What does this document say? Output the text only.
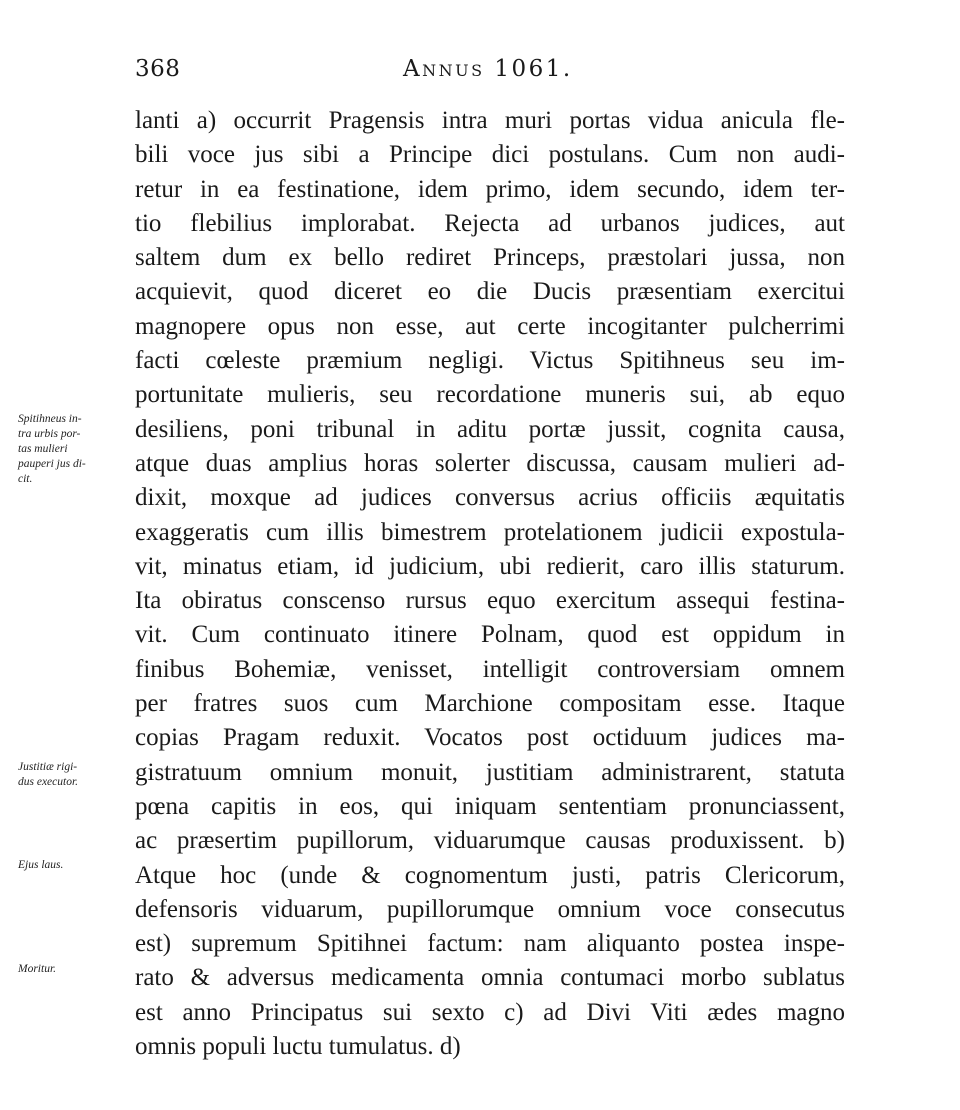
368	Annus 1061.
Spitihneus in-
tra urbis por-
tas mulieri
pauperi jus di-
cit.
Justitiæ rigi-
dus executor.
Ejus laus.
Moritur.
lanti a) occurrit Pragensis intra muri portas vidua anicula fle-
bili voce jus sibi a Principe dici postulans. Cum non audi-
retur in ea festinatione, idem primo, idem secundo, idem ter-
tio flebilius implorabat. Rejecta ad urbanos judices, aut
saltem dum ex bello rediret Princeps, præstolari jussa, non
acquievit, quod diceret eo die Ducis præsentiam exercitui
magnopere opus non esse, aut certe incogitanter pulcherrimi
facti cœleste præmium negligi. Victus Spitihneus seu im-
portunitate mulieris, seu recordatione muneris sui, ab equo
desiliens, poni tribunal in aditu portæ jussit, cognita causa,
atque duas amplius horas solerter discussa, causam mulieri ad-
dixit, moxque ad judices conversus acrius officiis æquitatis
exaggeratis cum illis bimestrem protelationem judicii expostula-
vit, minatus etiam, id judicium, ubi redierit, caro illis staturum.
Ita obiratus conscenso rursus equo exercitum assequi festina-
vit. Cum continuato itinere Polnam, quod est oppidum in
finibus Bohemiæ, venisset, intelligit controversiam omnem
per fratres suos cum Marchione compositam esse. Itaque
copias Pragam reduxit. Vocatos post octiduum judices ma-
gistratuum omnium monuit, justitiam administrarent, statuta
pœna capitis in eos, qui iniquam sententiam pronunciassent,
ac præsertim pupillorum, viduarumque causas produxissent. b)
Atque hoc (unde & cognomentum justi, patris Clericorum,
defensoris viduarum, pupillorumque omnium voce consecutus
est) supremum Spitihnei factum: nam aliquanto postea inspe-
rato & adversus medicamenta omnia contumaci morbo sublatus
est anno Principatus sui sexto c) ad Divi Viti ædes magno
omnis populi luctu tumulatus. d)
